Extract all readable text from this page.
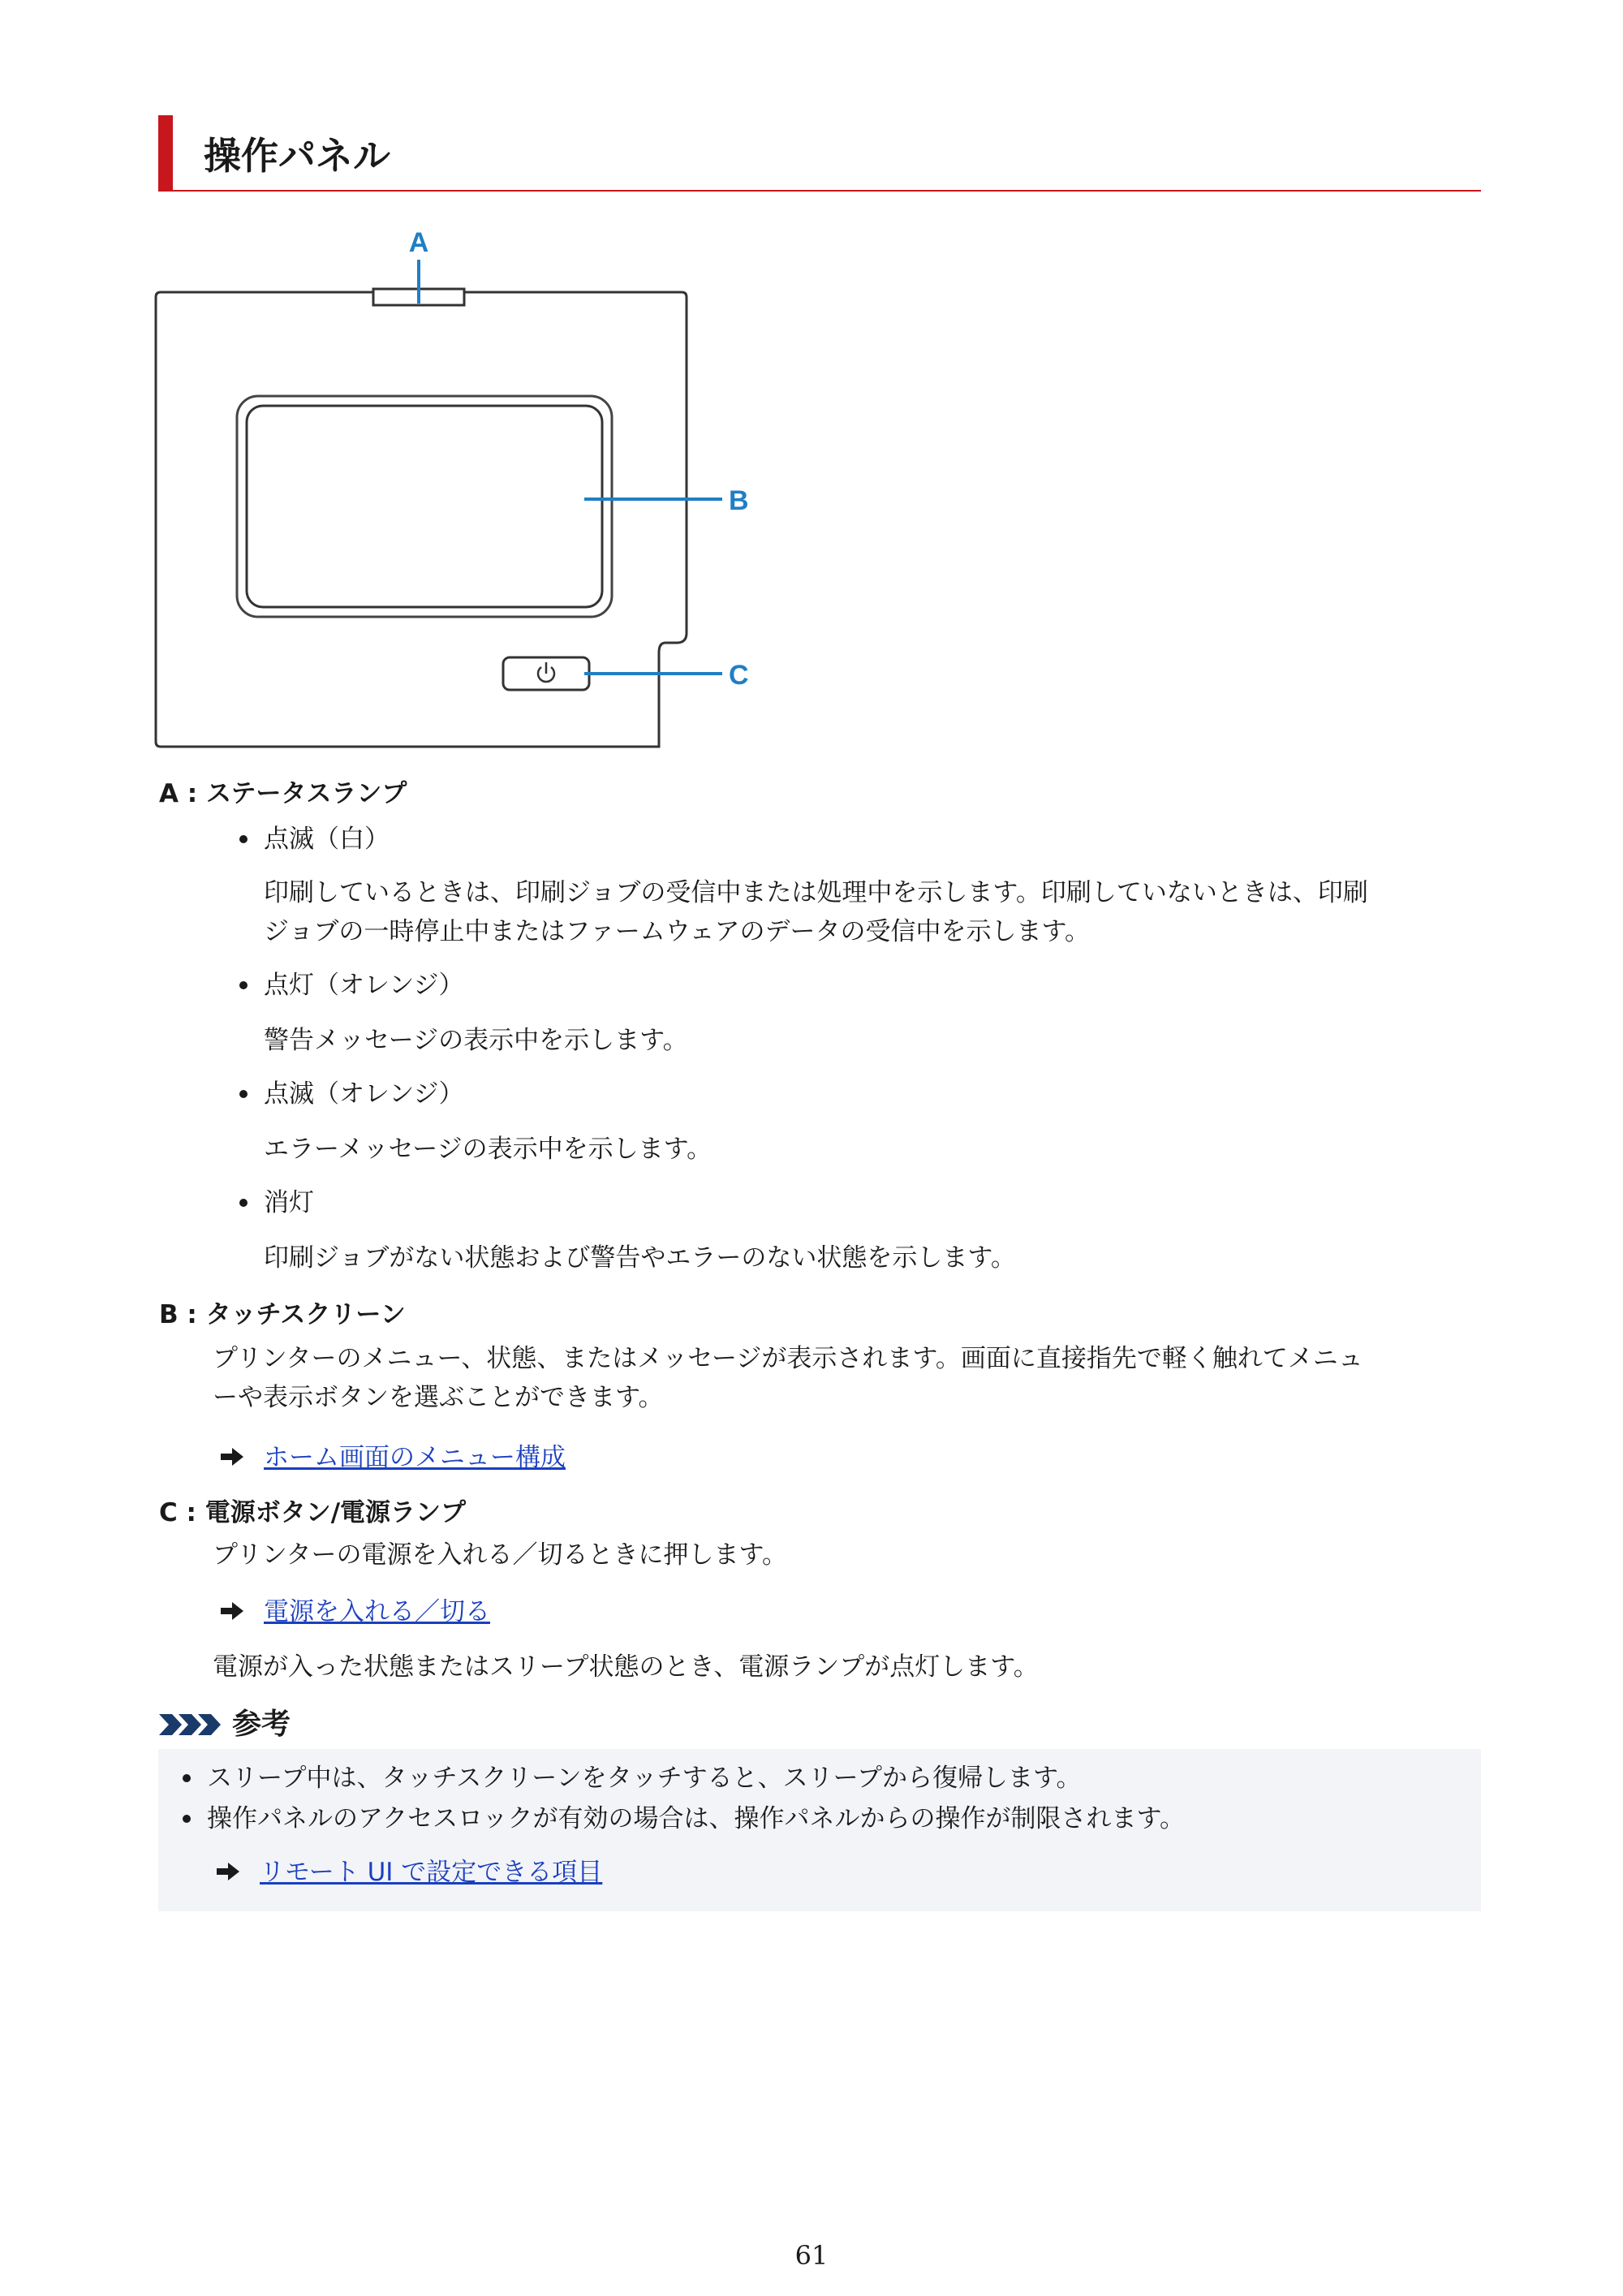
操作パネル
A
B
C
A : ステータスランプ
点滅（白）
印刷しているときは、印刷ジョブの受信中または処理中を示します。印刷していないときは、印刷
ジョブの一時停止中またはファームウェアのデータの受信中を示します。
点灯（オレンジ）
警告メッセージの表示中を示します。
点滅（オレンジ）
エラーメッセージの表示中を示します。
消灯
印刷ジョブがない状態および警告やエラーのない状態を示します。
B : タッチスクリーン
プリンターのメニュー、状態、またはメッセージが表示されます。画面に直接指先で軽く触れてメニュ
ーや表示ボタンを選ぶことができます。
ホーム画面のメニュー構成
C : 電源ボタン/電源ランプ
プリンターの電源を入れる／切るときに押します。
電源を入れる／切る
電源が入った状態またはスリープ状態のとき、電源ランプが点灯します。
参考
スリープ中は、タッチスクリーンをタッチすると、スリープから復帰します。
操作パネルのアクセスロックが有効の場合は、操作パネルからの操作が制限されます。
リモート UI で設定できる項目
61
